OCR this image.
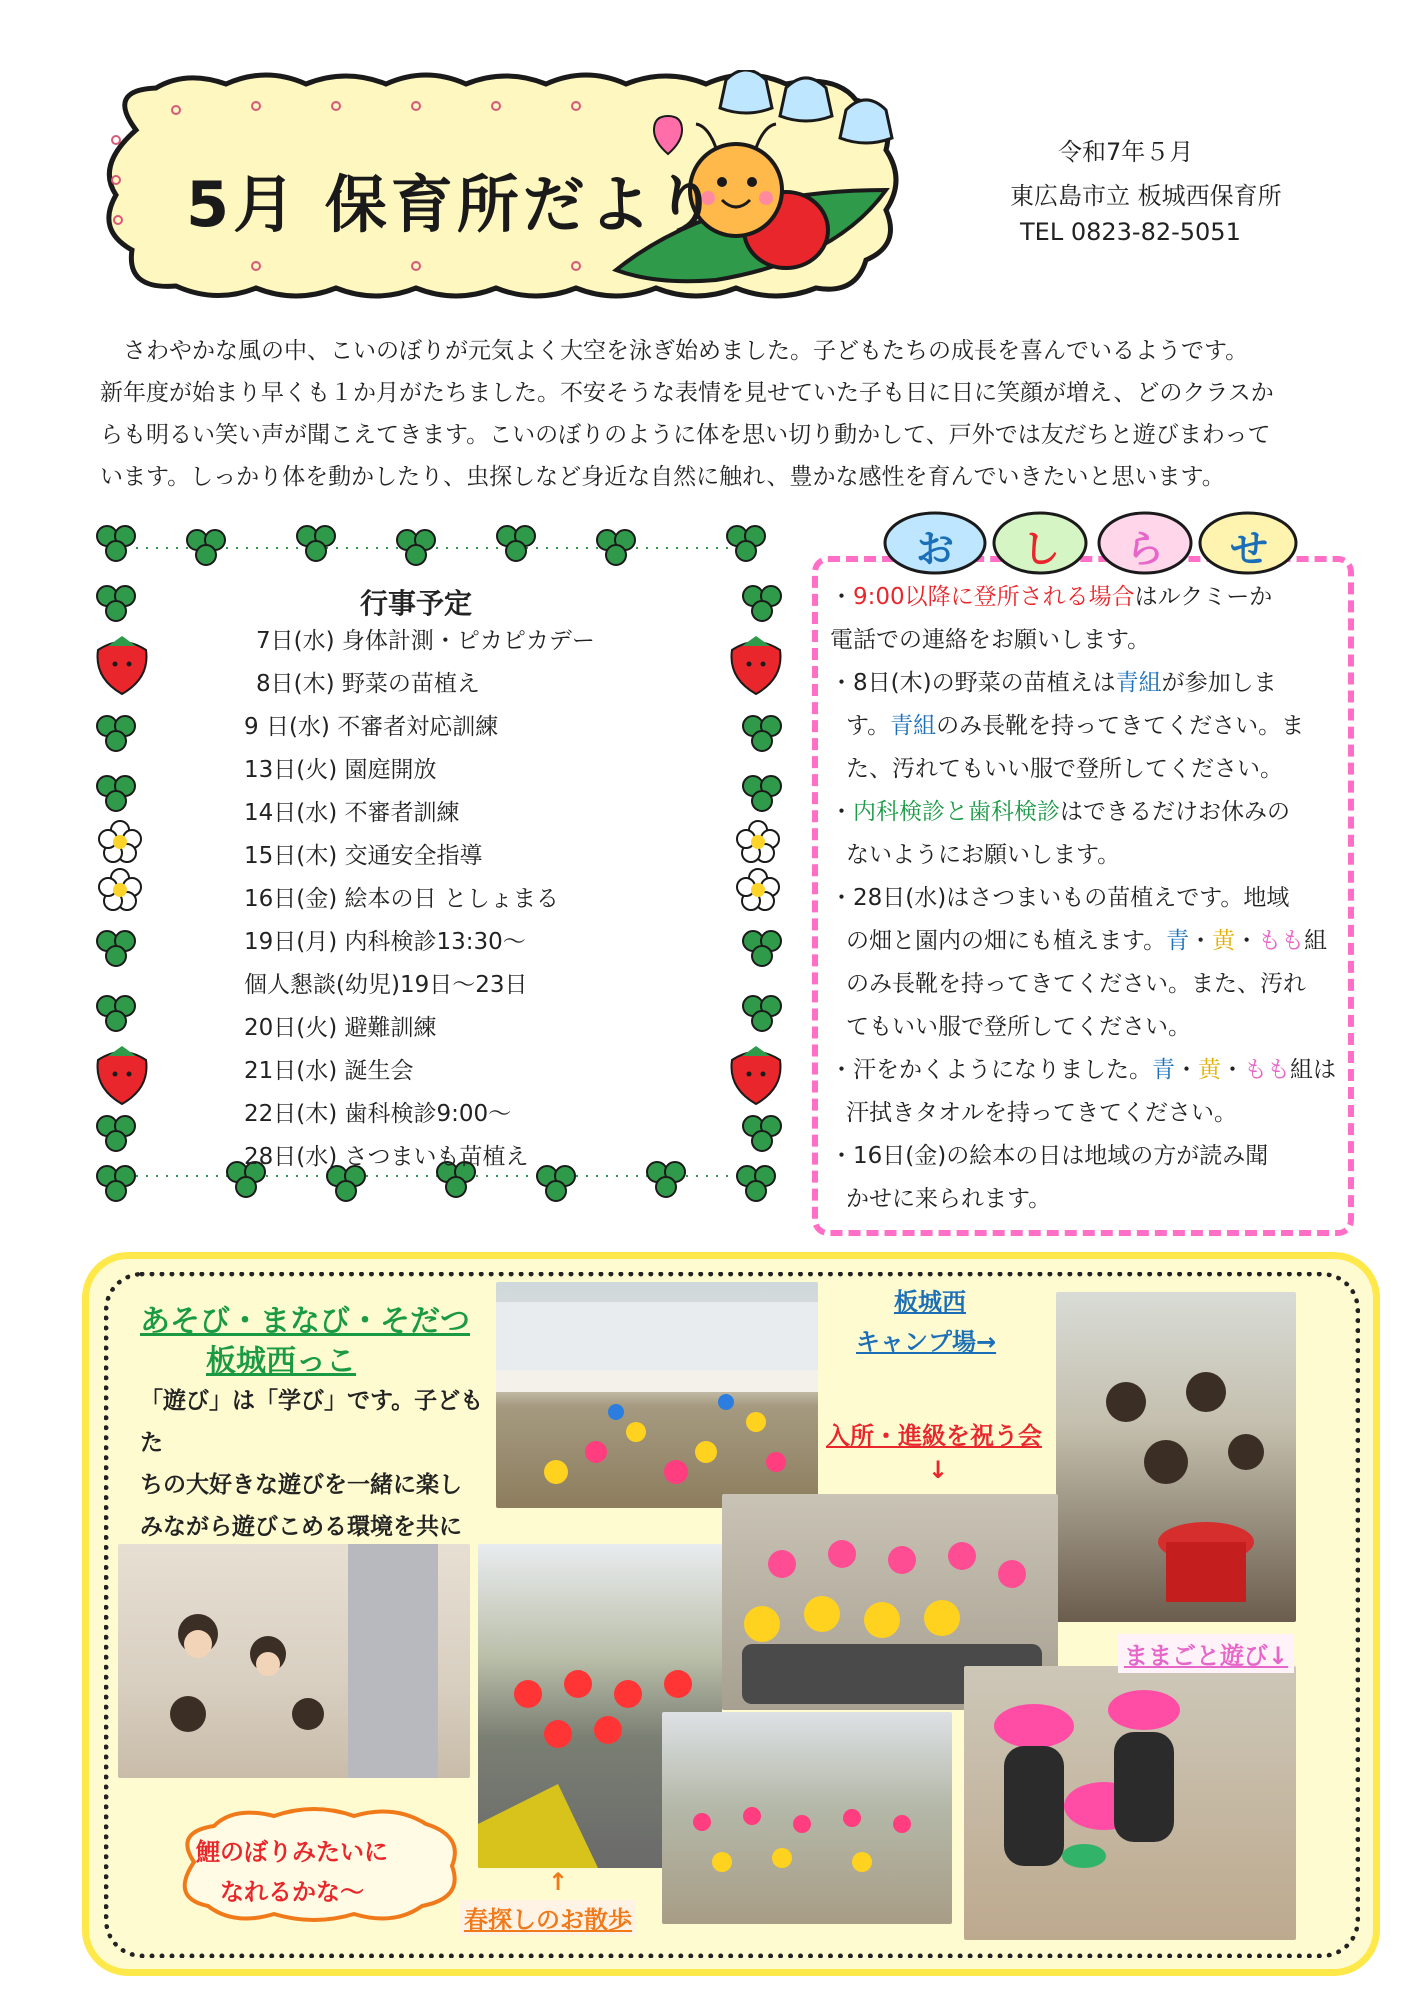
5月 保育所だより
令和7年５月
東広島市立 板城西保育所
TEL 0823-82-5051

　さわやかな風の中、こいのぼりが元気よく大空を泳ぎ始めました。子どもたちの成長を喜んでいるようです。

新年度が始まり早くも１か月がたちました。不安そうな表情を見せていた子も日に日に笑顔が増え、どのクラスか

らも明るい笑い声が聞こえてきます。こいのぼりのように体を思い切り動かして、戸外では友だちと遊びまわって

います。しっかり体を動かしたり、虫探しなど身近な自然に触れ、豊かな感性を育んでいきたいと思います。

行事予定
7日(水) 身体計測・ピカピカデー
8日(木) 野菜の苗植え
9 日(水) 不審者対応訓練
13日(火) 園庭開放
14日(水) 不審者訓練
15日(木) 交通安全指導
16日(金) 絵本の日 としょまる
19日(月) 内科検診13:30～
個人懇談(幼児)19日～23日
20日(火) 避難訓練
21日(水) 誕生会
22日(木) 歯科検診9:00～
28日(水) さつまいも苗植え
お し ら せ

・9:00以降に登所される場合はルクミーか

電話での連絡をお願いします。

・8日(木)の野菜の苗植えは青組が参加しま

す。青組のみ長靴を持ってきてください。ま

た、汚れてもいい服で登所してください。

・内科検診と歯科検診はできるだけお休みの

ないようにお願いします。

・28日(水)はさつまいもの苗植えです。地域

の畑と園内の畑にも植えます。青・黄・もも組

のみ長靴を持ってきてください。また、汚れ

てもいい服で登所してください。

・汗をかくようになりました。青・黄・もも組は

汗拭きタオルを持ってきてください。

・16日(金)の絵本の日は地域の方が読み聞

かせに来られます。

あそび・まなび・そだつ
板城西っこ

「遊び」は「学び」です。子どもた

ちの大好きな遊びを一緒に楽し

みながら遊びこめる環境を共に

板城西
キャンプ場→
入所・進級を祝う会
↓
ままごと遊び↓
鯉のぼりみたいに
なれるかな～	↑
春探しのお散歩
